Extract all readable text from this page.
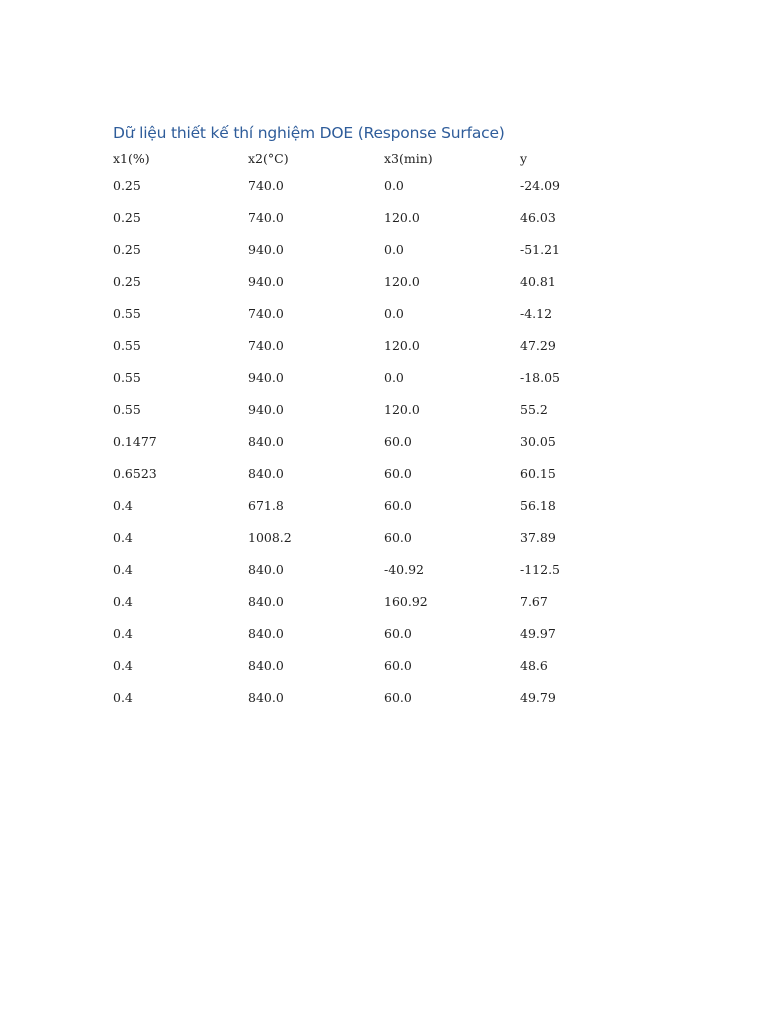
Dữ liệu thiết kế thí nghiệm DOE (Response Surface)
x1(%)	x2(°C)	x3(min)	y
0.25	740.0	0.0	-24.09
0.25	740.0	120.0	46.03
0.25	940.0	0.0	-51.21
0.25	940.0	120.0	40.81
0.55	740.0	0.0	-4.12
0.55	740.0	120.0	47.29
0.55	940.0	0.0	-18.05
0.55	940.0	120.0	55.2
0.1477	840.0	60.0	30.05
0.6523	840.0	60.0	60.15
0.4	671.8	60.0	56.18
0.4	1008.2	60.0	37.89
0.4	840.0	-40.92	-112.5
0.4	840.0	160.92	7.67
0.4	840.0	60.0	49.97
0.4	840.0	60.0	48.6
0.4	840.0	60.0	49.79
